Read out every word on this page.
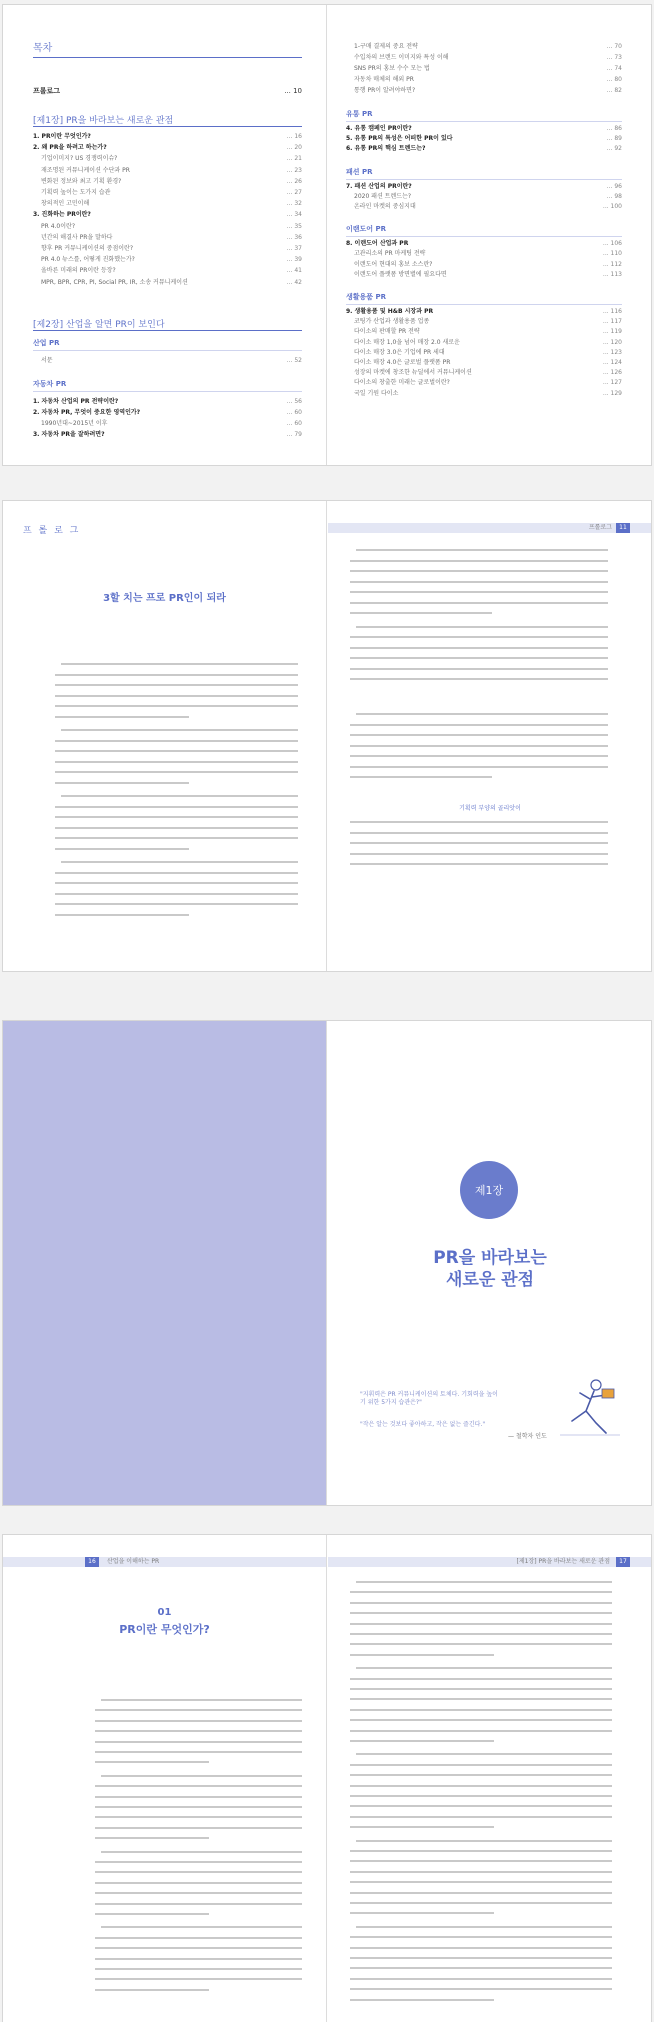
목차
프롤로그	... 10
[제1장] PR을 바라보는 새로운 관점
1. PR이란 무엇인가?	... 16
2. 왜 PR을 하려고 하는가?	... 20
기업이미지? US 경쟁력이슈?	... 21
재조명된 커뮤니케이션 수단과 PR	... 23
변화된 정보와 최고 기획 환경?	... 26
기획력 높이는 도가지 습관	... 27
창의적인 고민이해	... 32
3. 진화하는 PR이란?	... 34
PR 4.0이란?	... 35
년간의 해결사 PR을 말하다	... 36
향후 PR 커뮤니케이션의 중점이란?	... 37
PR 4.0 뉴스를, 어떻게 진화했는가?	... 39
올바른 미래의 PR이란 등장?	... 41
MPR, BPR, CPR, PI, Social PR, IR, 소송 커뮤니케이션	... 42
[제2장] 산업을 알면 PR이 보인다
산업 PR
서문	... 52
자동차 PR
1. 자동차 산업의 PR 전략이란?	... 56
2. 자동차 PR, 무엇이 중요한 영역인가?	... 60
1990년대~2015년 이후	... 60
3. 자동차 PR을 잘하려면?	... 79
1-구매 결제의 중요 전략	... 70
수입차의 브랜드 이미지와 특성 이해	... 73
SNS PR의 홍보 수수 모는 법	... 74
자동차 매체의 해외 PR	... 80
통행 PR이 알려야하면?	... 82
유통 PR
4. 유통 캠페인 PR이란?	... 86
5. 유통 PR의 특성은 어떠한 PR이 있다	... 89
6. 유통 PR의 핵심 트렌드는?	... 92
패션 PR
7. 패션 산업의 PR이란?	... 96
2020 패션 트렌드는?	... 98
온라인 마켓의 중심지대	... 100
이랜도어 PR
8. 이랜도어 산업과 PR	... 106
고관리소의 PR 마케팅 전략	... 110
이랜도어 현대의 홍보 소스란?	... 112
이랜도어 플랫폼 방면별에 필요다면	... 113
생활용품 PR
9. 생활용품 및 H&B 시장과 PR	... 116
코팅가 산업과 생활용품 업종	... 117
다이소의 판매할 PR 전략	... 119
다이소 매장 1,0을 넘어 매장 2.0 새로운	... 120
다이소 매장 3.0은 기업에 PR 세대	... 123
다이소 매장 4.0은 글로벌 플랫폼 PR	... 124
성장의 마켓에 창조한 뉴딜에서 커뮤니케이션	... 126
다이소의 창출한 미래는 글로벌이란?	... 127
국일 기원 다이소	... 129
프 롤 로 그
3할 치는 프로 PR인이 되라
프롤로그	11
기획력 부양의 골리앗이
제1장
PR을 바라보는
새로운 관점
"지휘력은 PR 커뮤니케이션의 토체다. 기회력을 높이기 위한 5가지 습관은?"
"작은 알는 것보다 좋아하고, 작은 없는 즐긴다."
— 철학자 인도
16	산업을 이해하는 PR
01
PR이란 무엇인가?
[제1장] PR을 바라보는 새로운 관점	17
